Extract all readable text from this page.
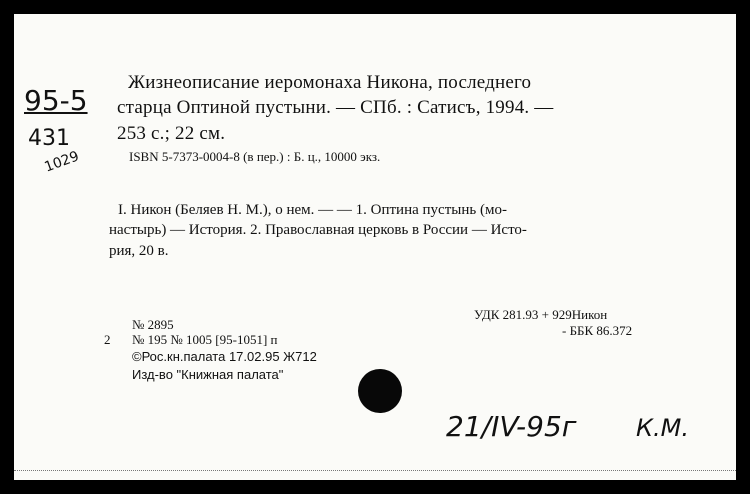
Жизнеописание иеромонаха Никона, последнего
старца Оптиной пустыни. — СПб. : Сатисъ, 1994. —
253 с.; 22 см.
ISBN 5-7373-0004-8 (в пер.) : Б. ц., 10000 экз.
I. Никон (Беляев Н. М.), о нем. — — 1. Оптина пустынь (мо-
настырь) — История. 2. Православная церковь в России — Исто-
рия, 20 в.
№ 2895
2 № 195 № 1005 [95-1051] п
©Рос.кн.палата 17.02.95 Ж712
Изд-во "Книжная палата"
УДК 281.93 + 929Никон
- ББК 86.372
95-5
431
1029
21/IV-95г К.М.
